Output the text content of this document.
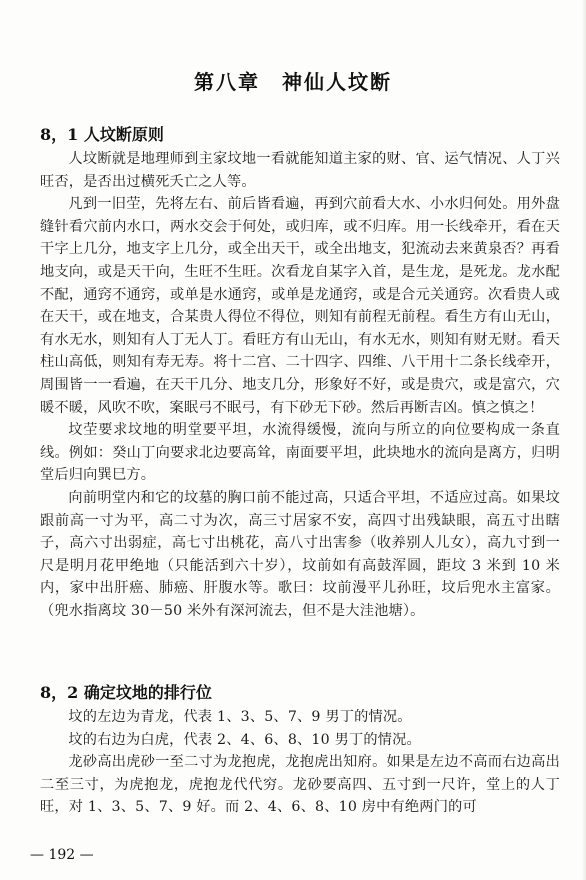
第八章　神仙人坟断
8，1 人坟断原则

人坟断就是地理师到主家坟地一看就能知道主家的财、官、运气情况、人丁兴旺否，是否出过横死夭亡之人等。

凡到一旧茔，先将左右、前后皆看遍，再到穴前看大水、小水归何处。用外盘缝针看穴前内水口，两水交会于何处，或归库，或不归库。用一长线牵开，看在天干字上几分，地支字上几分，或全出天干，或全出地支，犯流动去来黄泉否？再看地支向，或是天干向，生旺不生旺。次看龙自某字入首，是生龙，是死龙。龙水配不配，通窍不通窍，或单是水通窍，或单是龙通窍，或是合元关通窍。次看贵人或在天干，或在地支，合某贵人得位不得位，则知有前程无前程。看生方有山无山，有水无水，则知有人丁无人丁。看旺方有山无山，有水无水，则知有财无财。看天柱山高低，则知有寿无寿。将十二宫、二十四字、四维、八干用十二条长线牵开，周围皆一一看遍，在天干几分、地支几分，形象好不好，或是贵穴，或是富穴，穴暖不暖，风吹不吹，案眠弓不眠弓，有下砂无下砂。然后再断吉凶。慎之慎之！

坟茔要求坟地的明堂要平坦，水流得缓慢，流向与所立的向位要构成一条直线。例如：癸山丁向要求北边要高耸，南面要平坦，此块地水的流向是离方，归明堂后归向巽巳方。

向前明堂内和它的坟墓的胸口前不能过高，只适合平坦，不适应过高。如果坟跟前高一寸为平，高二寸为次，高三寸居家不安，高四寸出残缺眼，高五寸出瞎子，高六寸出弱症，高七寸出桃花，高八寸出害参（收养别人儿女），高九寸到一尺是明月花甲绝地（只能活到六十岁），坟前如有高鼓浑圆，距坟 3 米到 10 米内，家中出肝癌、肺癌、肝腹水等。歌曰：坟前漫平儿孙旺，坟后兜水主富家。（兜水指离坟 30－50 米外有深河流去，但不是大洼池塘）。

8，2 确定坟地的排行位

坟的左边为青龙，代表 1、3、5、7、9 男丁的情况。

坟的右边为白虎，代表 2、4、6、8、10 男丁的情况。

龙砂高出虎砂一至二寸为龙抱虎，龙抱虎出知府。如果是左边不高而右边高出二至三寸，为虎抱龙，虎抱龙代代穷。龙砂要高四、五寸到一尺许，堂上的人丁旺，对 1、3、5、7、9 好。而 2、4、6、8、10 房中有绝两门的可

— 192 —
